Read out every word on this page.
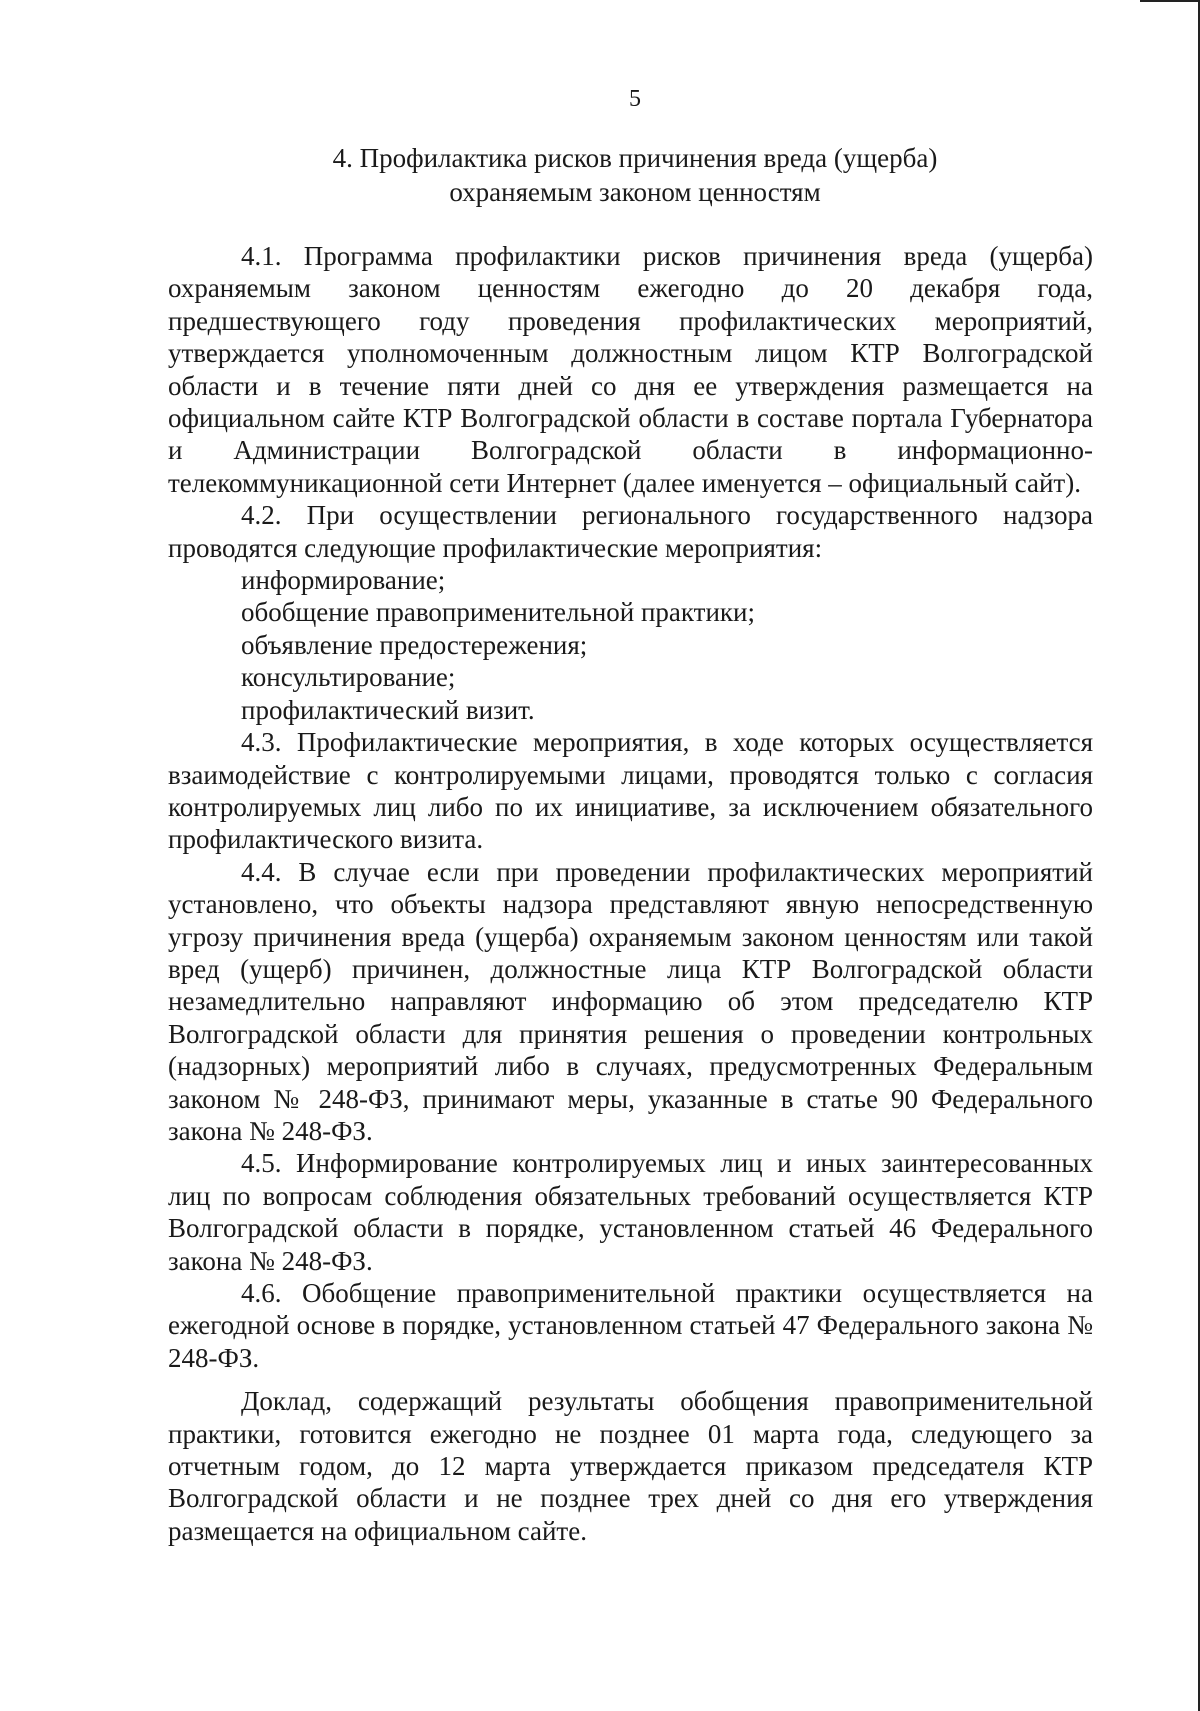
5
4. Профилактика рисков причинения вреда (ущерба)
охраняемым законом ценностям

4.1. Программа профилактики рисков причинения вреда (ущерба) охраняемым законом ценностям ежегодно до 20 декабря года, предшествующего году проведения профилактических мероприятий, утверждается уполномоченным должностным лицом КТР Волгоградской области и в течение пяти дней со дня ее утверждения размещается на официальном сайте КТР Волгоградской области в составе портала Губернатора и Администрации Волгоградской области в информационно-телекоммуникационной сети Интернет (далее именуется – официальный сайт).

4.2. При осуществлении регионального государственного надзора проводятся следующие профилактические мероприятия:

информирование;

обобщение правоприменительной практики;

объявление предостережения;

консультирование;

профилактический визит.

4.3. Профилактические мероприятия, в ходе которых осуществляется взаимодействие с контролируемыми лицами, проводятся только с согласия контролируемых лиц либо по их инициативе, за исключением обязательного профилактического визита.

4.4. В случае если при проведении профилактических мероприятий установлено, что объекты надзора представляют явную непосредственную угрозу причинения вреда (ущерба) охраняемым законом ценностям или такой вред (ущерб) причинен, должностные лица КТР Волгоградской области незамедлительно направляют информацию об этом председателю КТР Волгоградской области для принятия решения о проведении контрольных (надзорных) мероприятий либо в случаях, предусмотренных Федеральным законом № 248-ФЗ, принимают меры, указанные в статье 90 Федерального закона № 248-ФЗ.

4.5. Информирование контролируемых лиц и иных заинтересованных лиц по вопросам соблюдения обязательных требований осуществляется КТР Волгоградской области в порядке, установленном статьей 46 Федерального закона № 248-ФЗ.

4.6. Обобщение правоприменительной практики осуществляется на ежегодной основе в порядке, установленном статьей 47 Федерального закона № 248-ФЗ.

Доклад, содержащий результаты обобщения правоприменительной практики, готовится ежегодно не позднее 01 марта года, следующего за отчетным годом, до 12 марта утверждается приказом председателя КТР Волгоградской области и не позднее трех дней со дня его утверждения размещается на официальном сайте.
